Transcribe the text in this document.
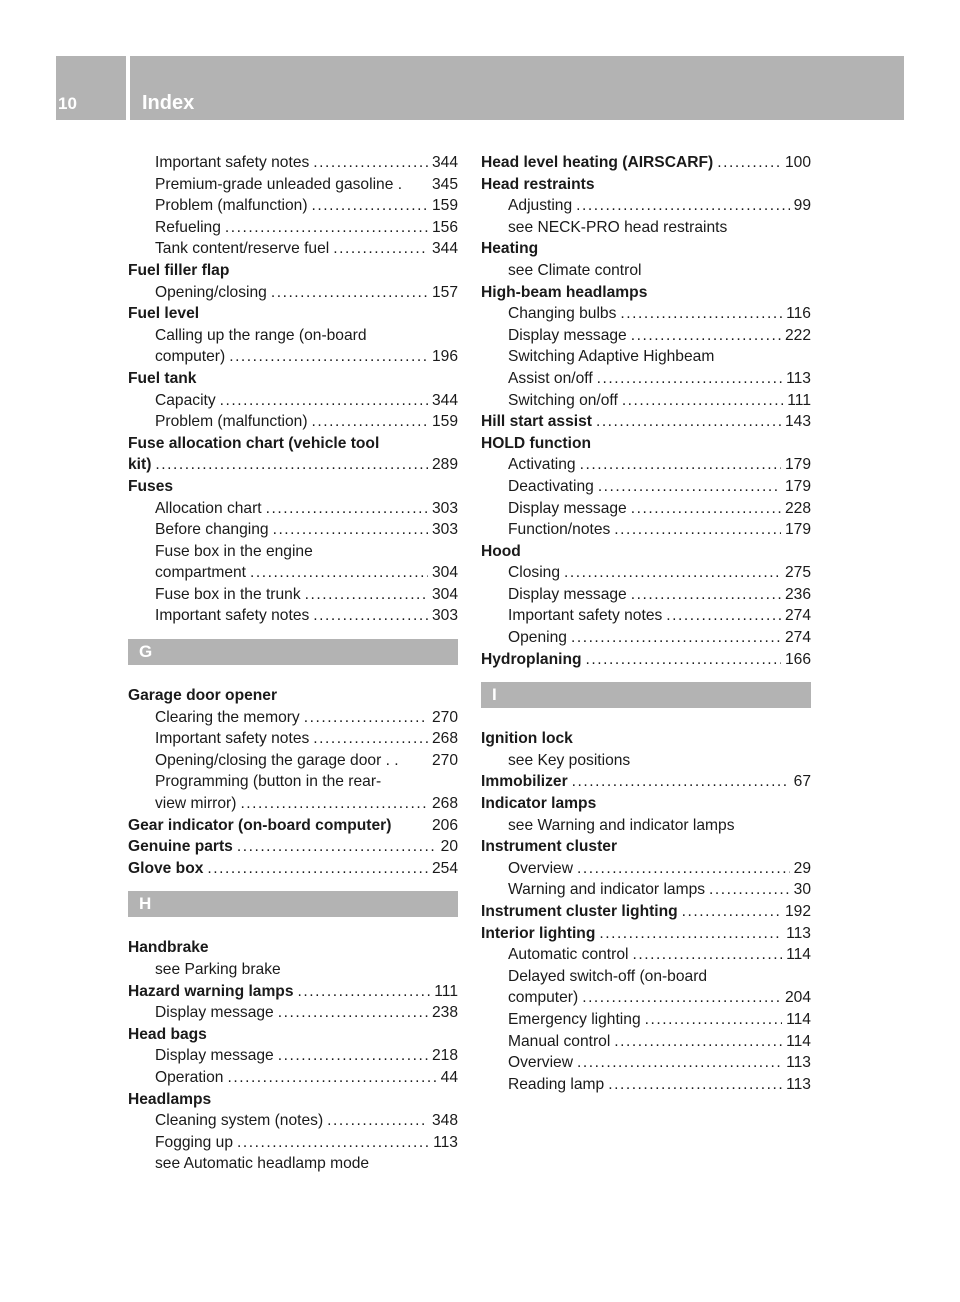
10	Index
Important safety notes . . .	344
Premium-grade unleaded gasoline . 345
Problem (malfunction) . . .	159
Refueling . . .	156
Tank content/reserve fuel . . .	344
Fuel filler flap
Opening/closing . . .	157
Fuel level
Calling up the range (on-board
computer) . . .	196
Fuel tank
Capacity . . .	344
Problem (malfunction) . . .	159
Fuse allocation chart (vehicle tool
kit) . . .	289
Fuses
Allocation chart . . .	303
Before changing . . .	303
Fuse box in the engine
compartment . . .	304
Fuse box in the trunk . . .	304
Important safety notes . . .	303
G
Garage door opener
Clearing the memory . . .	270
Important safety notes . . .	268
Opening/closing the garage door . . 270
Programming (button in the rear-
view mirror) . . .	268
Gear indicator (on-board computer)	206
Genuine parts . . .	20
Glove box . . .	254
H
Handbrake
see Parking brake
Hazard warning lamps . . .	111
Display message . . .	238
Head bags
Display message . . .	218
Operation . . .	44
Headlamps
Cleaning system (notes) . . .	348
Fogging up . . .	113
see Automatic headlamp mode
Head level heating (AIRSCARF) . . .	100
Head restraints
Adjusting . . .	99
see NECK-PRO head restraints
Heating
see Climate control
High-beam headlamps
Changing bulbs . . .	116
Display message . . .	222
Switching Adaptive Highbeam
Assist on/off . . .	113
Switching on/off . . .	111
Hill start assist . . .	143
HOLD function
Activating . . .	179
Deactivating . . .	179
Display message . . .	228
Function/notes . . .	179
Hood
Closing . . .	275
Display message . . .	236
Important safety notes . . .	274
Opening . . .	274
Hydroplaning . . .	166
I
Ignition lock
see Key positions
Immobilizer . . .	67
Indicator lamps
see Warning and indicator lamps
Instrument cluster
Overview . . .	29
Warning and indicator lamps . . .	30
Instrument cluster lighting . . .	192
Interior lighting . . .	113
Automatic control . . .	114
Delayed switch-off (on-board
computer) . . .	204
Emergency lighting . . .	114
Manual control . . .	114
Overview . . .	113
Reading lamp . . .	113
